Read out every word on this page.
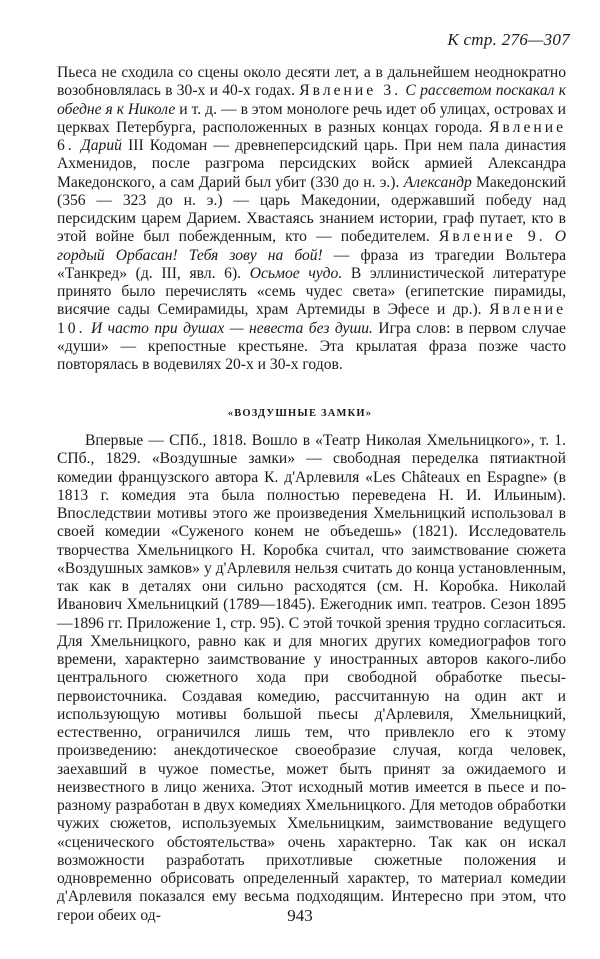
К стр. 276—307

Пьеса не сходила со сцены около десяти лет, а в дальнейшем неоднократно возобновлялась в 30-х и 40-х годах. Явление 3. С рассветом поскакал к обедне я к Николе и т. д. — в этом монологе речь идет об улицах, островах и церквах Петербурга, расположенных в разных концах города. Явление 6. Дарий III Кодоман — древнеперсидский царь. При нем пала династия Ахменидов, после разгрома персидских войск армией Александра Македонского, а сам Дарий был убит (330 до н. э.). Александр Македонский (356 — 323 до н. э.) — царь Македонии, одержавший победу над персидским царем Дарием. Хвастаясь знанием истории, граф путает, кто в этой войне был побежденным, кто — победителем. Явление 9. О гордый Орбасан! Тебя зову на бой! — фраза из трагедии Вольтера «Танкред» (д. III, явл. 6). Осьмое чудо. В эллинистической литературе принято было перечислять «семь чудес света» (египетские пирамиды, висячие сады Семирамиды, храм Артемиды в Эфесе и др.). Явление 10. И часто при душах — невеста без души. Игра слов: в первом случае «души» — крепостные крестьяне. Эта крылатая фраза позже часто повторялась в водевилях 20-х и 30-х годов.

«ВОЗДУШНЫЕ ЗАМКИ»

Впервые — СПб., 1818. Вошло в «Театр Николая Хмельницкого», т. 1. СПб., 1829. «Воздушные замки» — свободная переделка пятиактной комедии французского автора К. д'Арлевиля «Les Châteaux en Espagne» (в 1813 г. комедия эта была полностью переведена Н. И. Ильиным). Впоследствии мотивы этого же произведения Хмельницкий использовал в своей комедии «Суженого конем не объедешь» (1821). Исследователь творчества Хмельницкого Н. Коробка считал, что заимствование сюжета «Воздушных замков» у д'Арлевиля нельзя считать до конца установленным, так как в деталях они сильно расходятся (см. Н. Коробка. Николай Иванович Хмельницкий (1789—1845). Ежегодник имп. театров. Сезон 1895—1896 гг. Приложение 1, стр. 95). С этой точкой зрения трудно согласиться. Для Хмельницкого, равно как и для многих других комедиографов того времени, характерно заимствование у иностранных авторов какого-либо центрального сюжетного хода при свободной обработке пьесы-первоисточника. Создавая комедию, рассчитанную на один акт и использующую мотивы большой пьесы д'Арлевиля, Хмельницкий, естественно, ограничился лишь тем, что привлекло его к этому произведению: анекдотическое своеобразие случая, когда человек, заехавший в чужое поместье, может быть принят за ожидаемого и неизвестного в лицо жениха. Этот исходный мотив имеется в пьесе и по-разному разработан в двух комедиях Хмельницкого. Для методов обработки чужих сюжетов, используемых Хмельницким, заимствование ведущего «сценического обстоятельства» очень характерно. Так как он искал возможности разработать прихотливые сюжетные положения и одновременно обрисовать определенный характер, то материал комедии д'Арлевиля показался ему весьма подходящим. Интересно при этом, что герои обеих од-	943
